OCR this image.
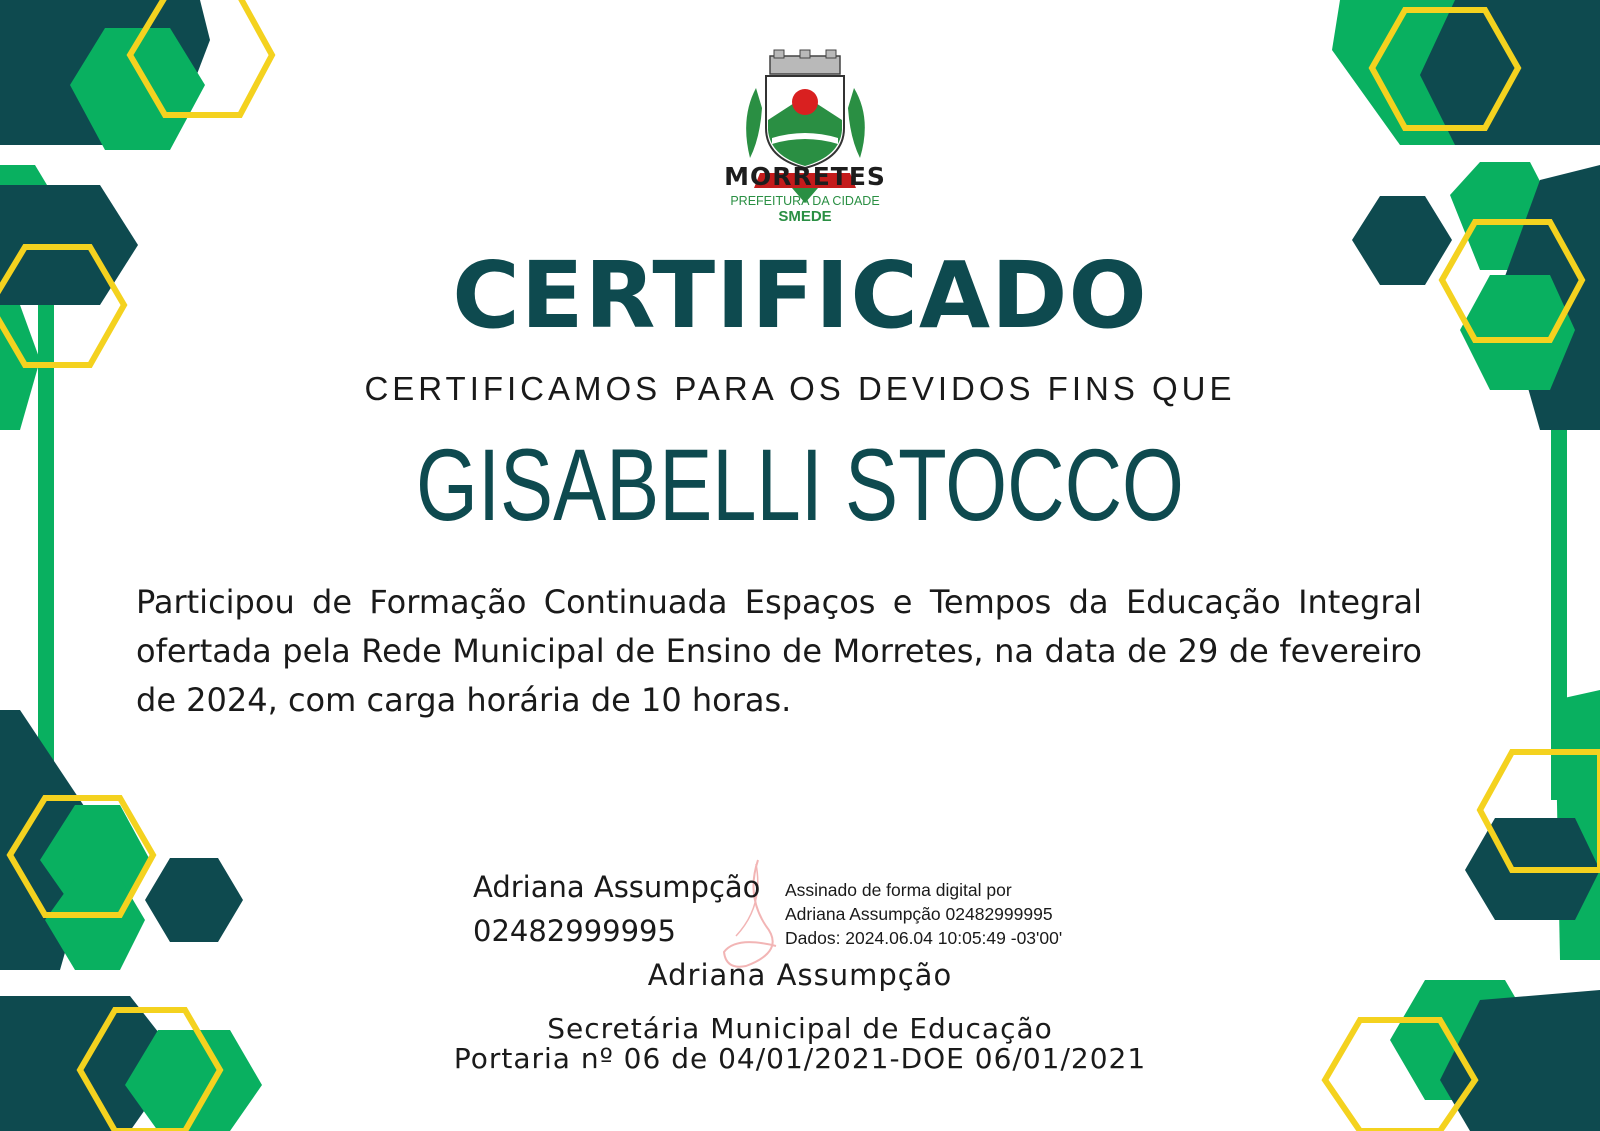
MORRETES
PREFEITURA DA CIDADE
SMEDE
CERTIFICADO
CERTIFICAMOS PARA OS DEVIDOS FINS QUE
GISABELLI STOCCO
Participou de Formação Continuada Espaços e Tempos da Educação Integral ofertada pela Rede Municipal de Ensino de Morretes, na data de 29 de fevereiro de 2024, com carga horária de 10 horas.
Adriana Assumpção
02482999995
Assinado de forma digital por
Adriana Assumpção 02482999995
Dados: 2024.06.04 10:05:49 -03'00'
Adriana Assumpção
Secretária Municipal de Educação
Portaria nº 06 de 04/01/2021-DOE 06/01/2021
